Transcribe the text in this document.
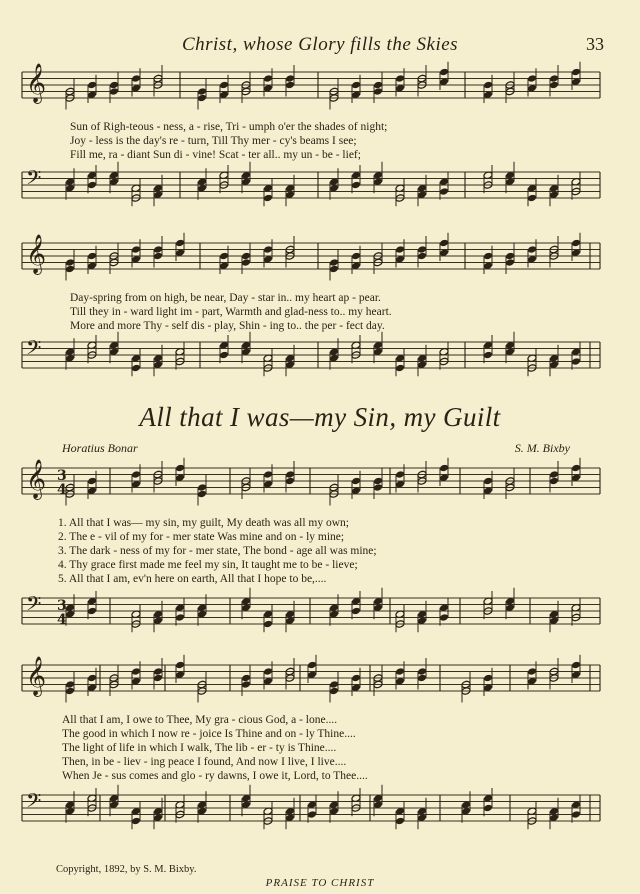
Christ, whose Glory fills the Skies	33
𝄞
𝄢
𝄞
𝄢
𝄞
𝄢
𝄞
𝄢
3
4
3
4
Sun of Righ-teous - ness, a - rise, Tri - umph o'er the shades of night;
Joy - less is the day's re - turn, Till Thy mer - cy's beams I see;
Fill me, ra - diant Sun di - vine! Scat - ter all.. my un - be - lief;
Day-spring from on high, be near, Day - star in.. my heart ap - pear.
Till they in - ward light im - part, Warmth and glad-ness to.. my heart.
More and more Thy - self dis - play, Shin - ing to.. the per - fect day.
All that I was—my Sin, my Guilt
Horatius Bonar	S. M. Bixby
1. All that I was— my sin, my guilt, My death was all my own;
2. The e - vil of my for - mer state Was mine and on - ly mine;
3. The dark - ness of my for - mer state, The bond - age all was mine;
4. Thy grace first made me feel my sin, It taught me to be - lieve;
5. All that I am, ev'n here on earth, All that I hope to be,....
All that I am, I owe to Thee, My gra - cious God, a - lone....
The good in which I now re - joice Is Thine and on - ly Thine....
The light of life in which I walk, The lib - er - ty is Thine....
Then, in be - liev - ing peace I found, And now I live, I live....
When Je - sus comes and glo - ry dawns, I owe it, Lord, to Thee....
Copyright, 1892, by S. M. Bixby.
PRAISE TO CHRIST
